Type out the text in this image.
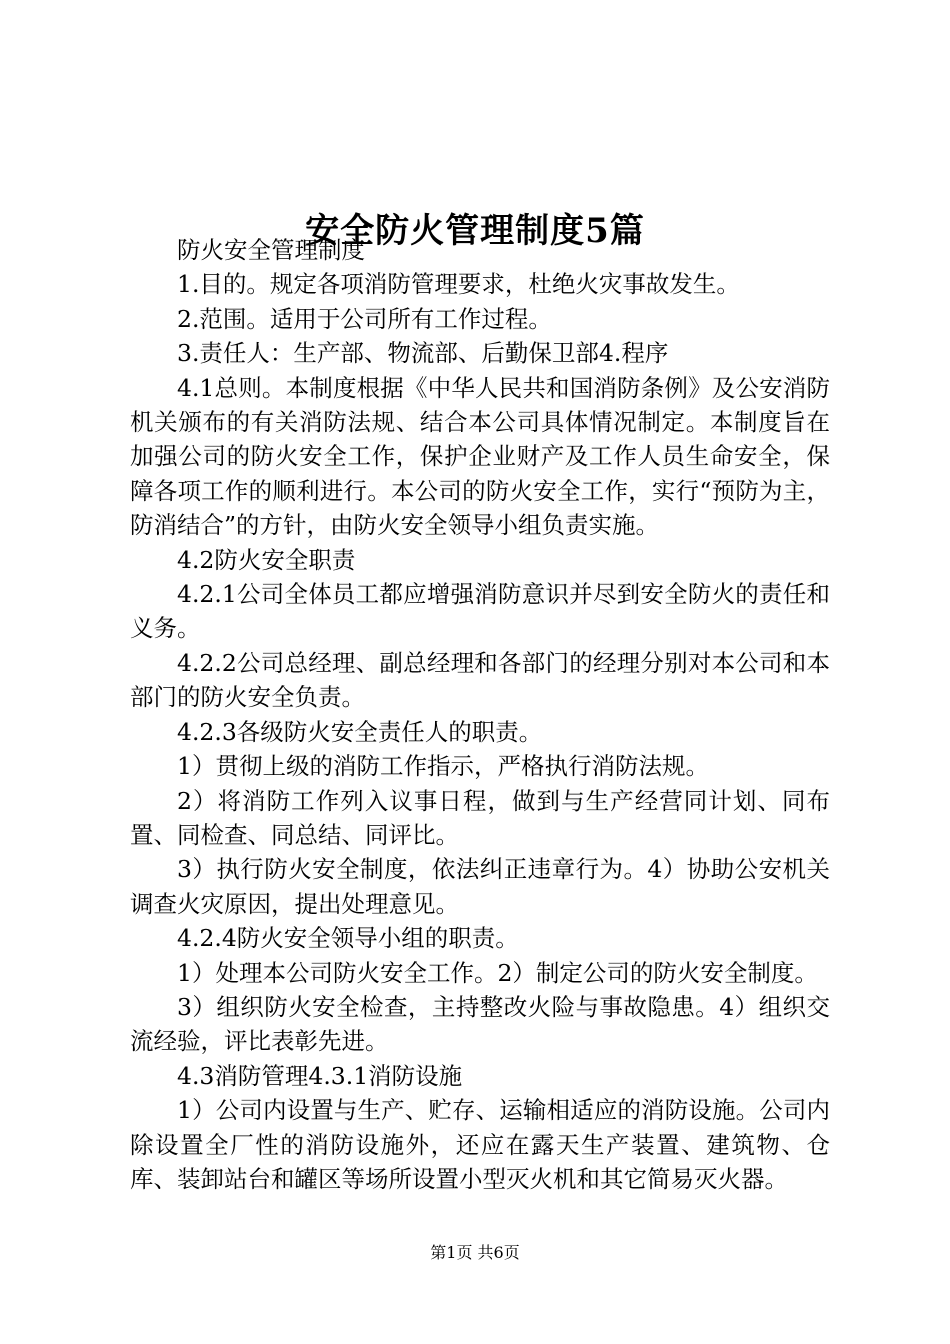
安全防火管理制度5篇

防火安全管理制度

1.目的。规定各项消防管理要求，杜绝火灾事故发生。

2.范围。适用于公司所有工作过程。

3.责任人：生产部、物流部、后勤保卫部4.程序

4.1总则。本制度根据《中华人民共和国消防条例》及公安消防机关颁布的有关消防法规、结合本公司具体情况制定。本制度旨在加强公司的防火安全工作，保护企业财产及工作人员生命安全，保障各项工作的顺利进行。本公司的防火安全工作，实行“预防为主，防消结合”的方针，由防火安全领导小组负责实施。

4.2防火安全职责

4.2.1公司全体员工都应增强消防意识并尽到安全防火的责任和义务。

4.2.2公司总经理、副总经理和各部门的经理分别对本公司和本部门的防火安全负责。

4.2.3各级防火安全责任人的职责。

1）贯彻上级的消防工作指示，严格执行消防法规。

2）将消防工作列入议事日程，做到与生产经营同计划、同布置、同检查、同总结、同评比。

3）执行防火安全制度，依法纠正违章行为。4）协助公安机关调查火灾原因，提出处理意见。

4.2.4防火安全领导小组的职责。

1）处理本公司防火安全工作。2）制定公司的防火安全制度。

3）组织防火安全检查，主持整改火险与事故隐患。4）组织交流经验，评比表彰先进。

4.3消防管理4.3.1消防设施

1）公司内设置与生产、贮存、运输相适应的消防设施。公司内除设置全厂性的消防设施外，还应在露天生产装置、建筑物、仓库、装卸站台和罐区等场所设置小型灭火机和其它简易灭火器。

第1页 共6页
